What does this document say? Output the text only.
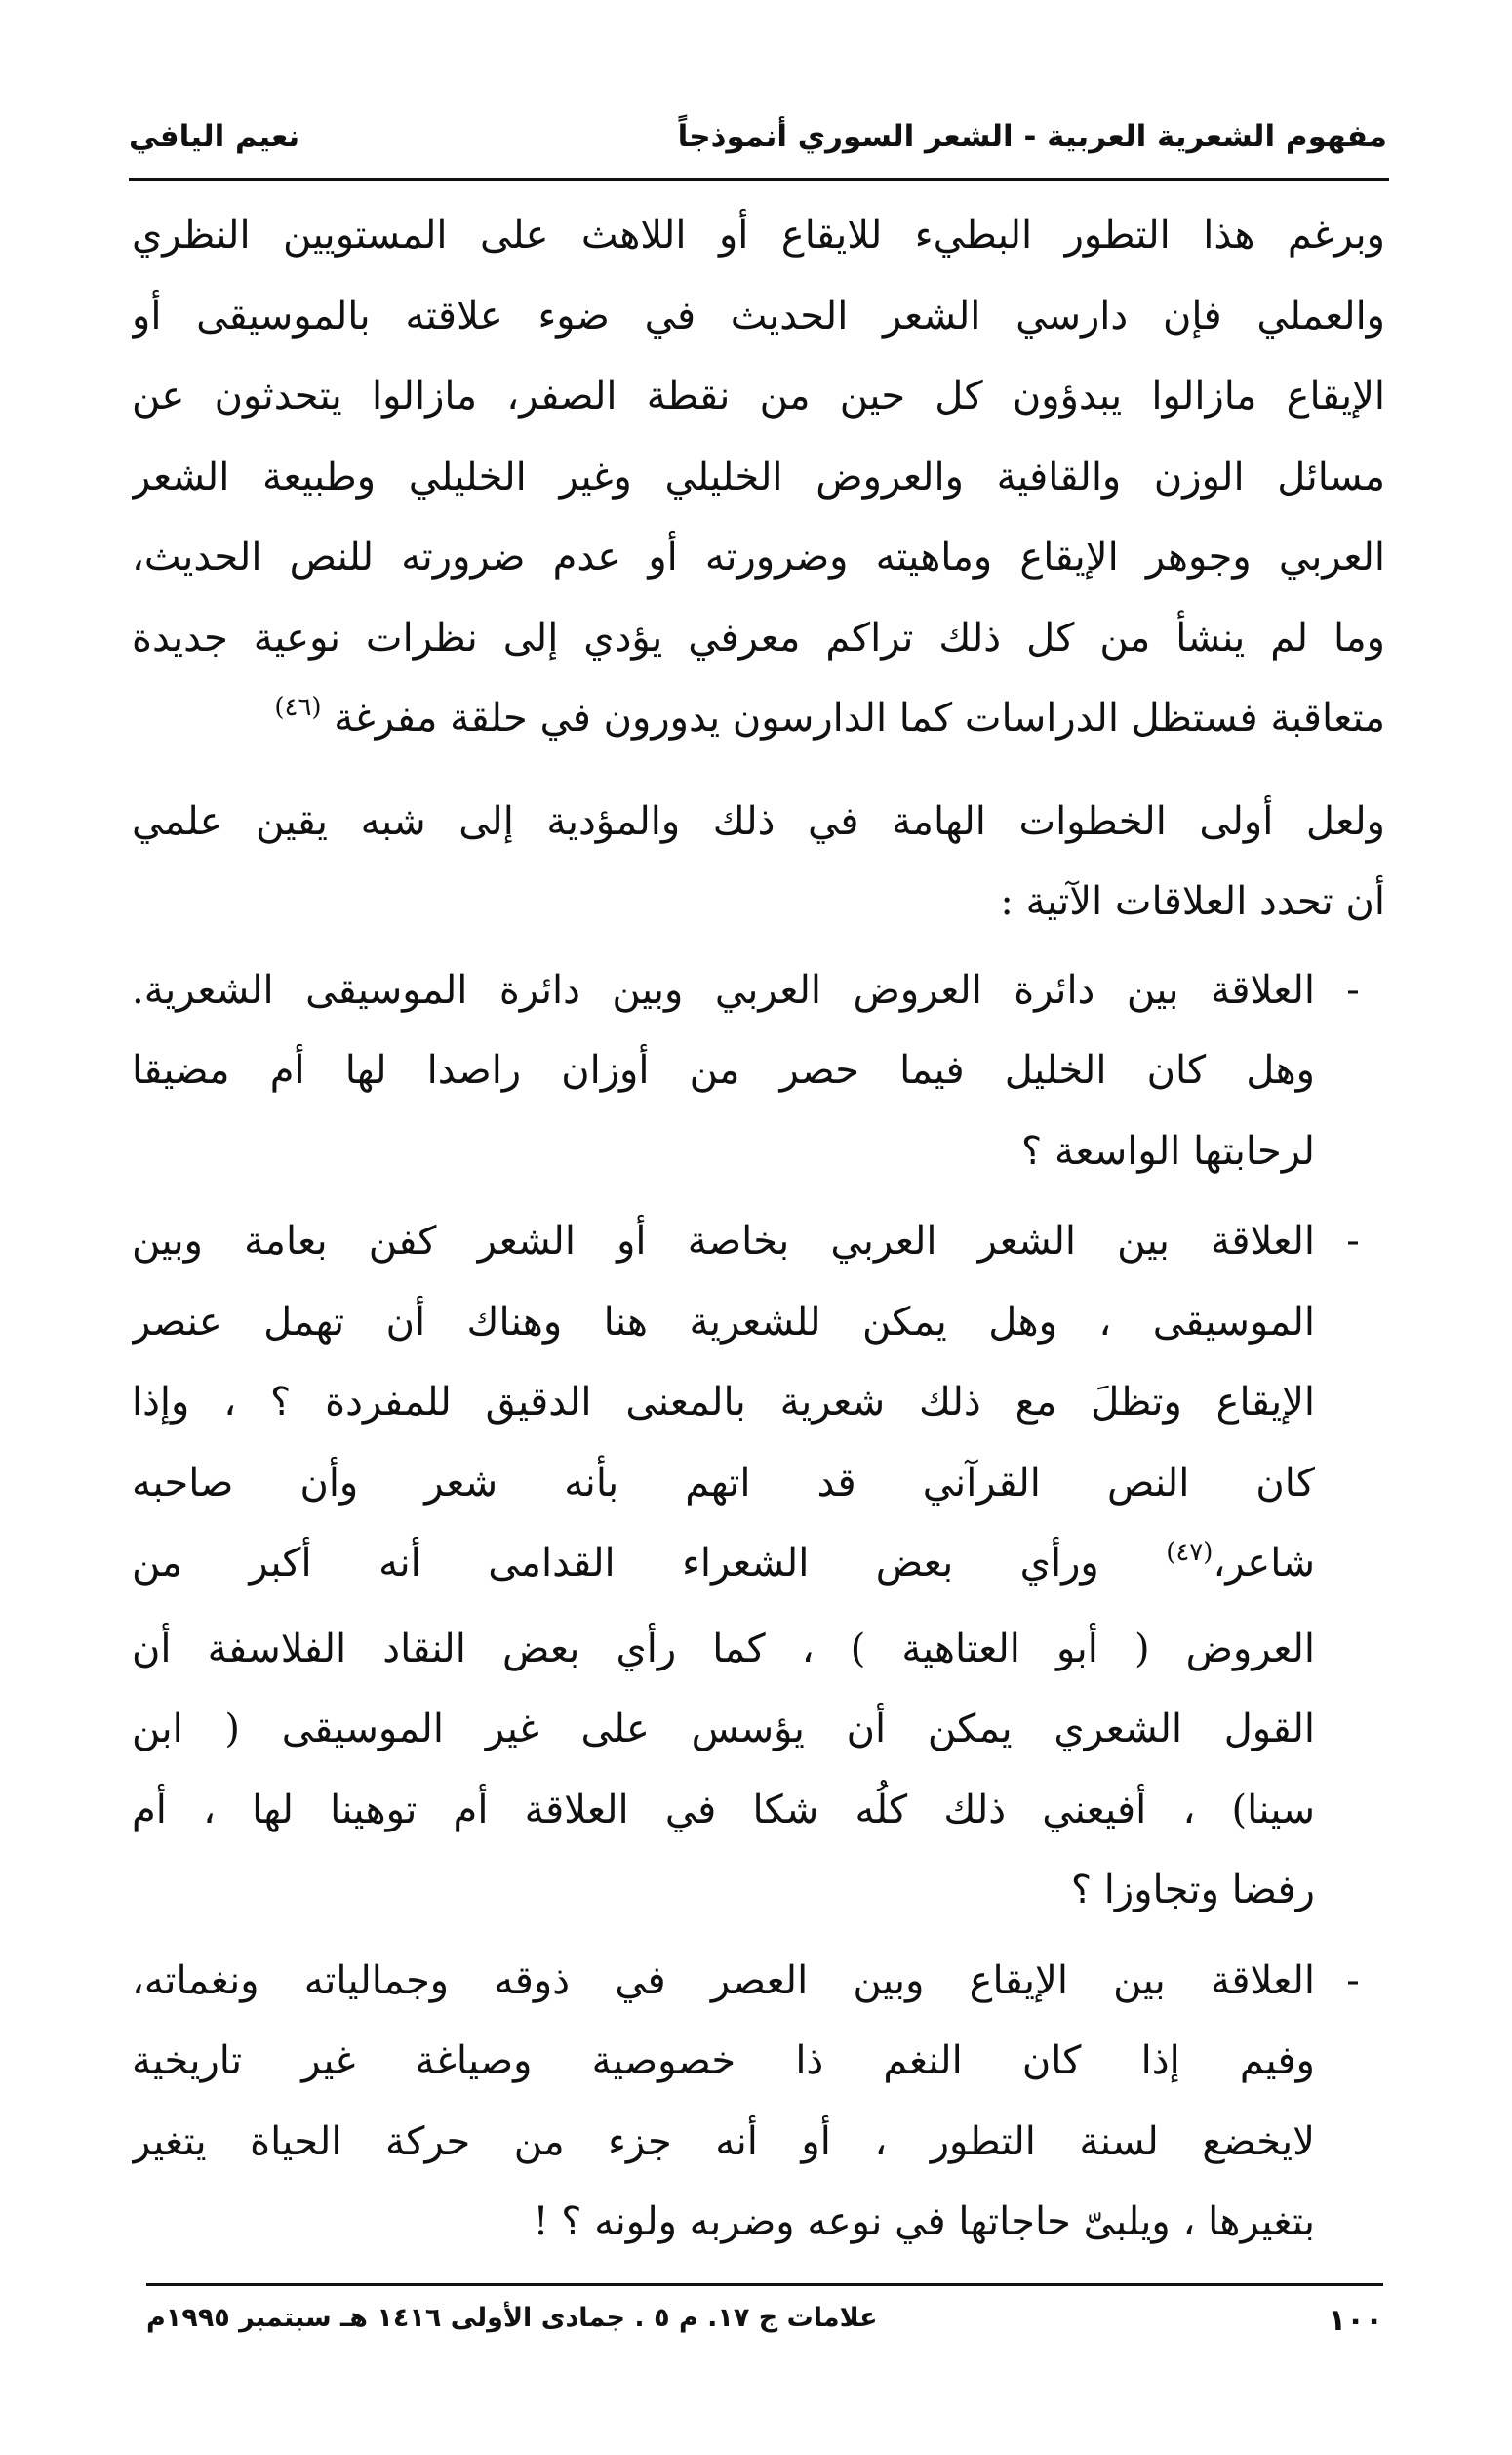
مفهوم الشعرية العربية - الشعر السوري أنموذجاً
نعيم اليافي
وبرغم هذا التطور البطيء للايقاع أو اللاهث على المستويين النظري
والعملي فإن دارسي الشعر الحديث في ضوء علاقته بالموسيقى أو
الإيقاع مازالوا يبدؤون كل حين من نقطة الصفر، مازالوا يتحدثون عن
مسائل الوزن والقافية والعروض الخليلي وغير الخليلي وطبيعة الشعر
العربي وجوهر الإيقاع وماهيته وضرورته أو عدم ضرورته للنص الحديث،
وما لم ينشأ من كل ذلك تراكم معرفي يؤدي إلى نظرات نوعية جديدة
متعاقبة فستظل الدراسات كما الدارسون يدورون في حلقة مفرغة $^{(٤٦)}$
ولعل أولى الخطوات الهامة في ذلك والمؤدية إلى شبه يقين علمي
أن تحدد العلاقات الآتية :
-
العلاقة بين دائرة العروض العربي وبين دائرة الموسيقى الشعرية.
وهل كان الخليل فيما حصر من أوزان راصدا لها أم مضيقا
لرحابتها الواسعة ؟
-
العلاقة بين الشعر العربي بخاصة أو الشعر كفن بعامة وبين
الموسيقى ، وهل يمكن للشعرية هنا وهناك أن تهمل عنصر
الإيقاع وتظلَ مع ذلك شعرية بالمعنى الدقيق للمفردة ؟ ، وإذا
كان النص القرآني قد اتهم بأنه شعر وأن صاحبه
شاعر،$^{(٤٧)}$ ورأي بعض الشعراء القدامى أنه أكبر من
العروض ( أبو العتاهية ) ، كما رأي بعض النقاد الفلاسفة أن
القول الشعري يمكن أن يؤسس على غير الموسيقى ( ابن
سينا) ، أفيعني ذلك كلُه شكا في العلاقة أم توهينا لها ، أم
رفضا وتجاوزا ؟
-
العلاقة بين الإيقاع وبين العصر في ذوقه وجمالياته ونغماته،
وفيم إذا كان النغم ذا خصوصية وصياغة غير تاريخية
لايخضع لسنة التطور ، أو أنه جزء من حركة الحياة يتغير
بتغيرها ، ويلبىّ حاجاتها في نوعه وضربه ولونه ؟ !
١٠٠
علامات ج ١٧. م ٥ . جمادى الأولى ١٤١٦ هـ سبتمبر ١٩٩٥م
